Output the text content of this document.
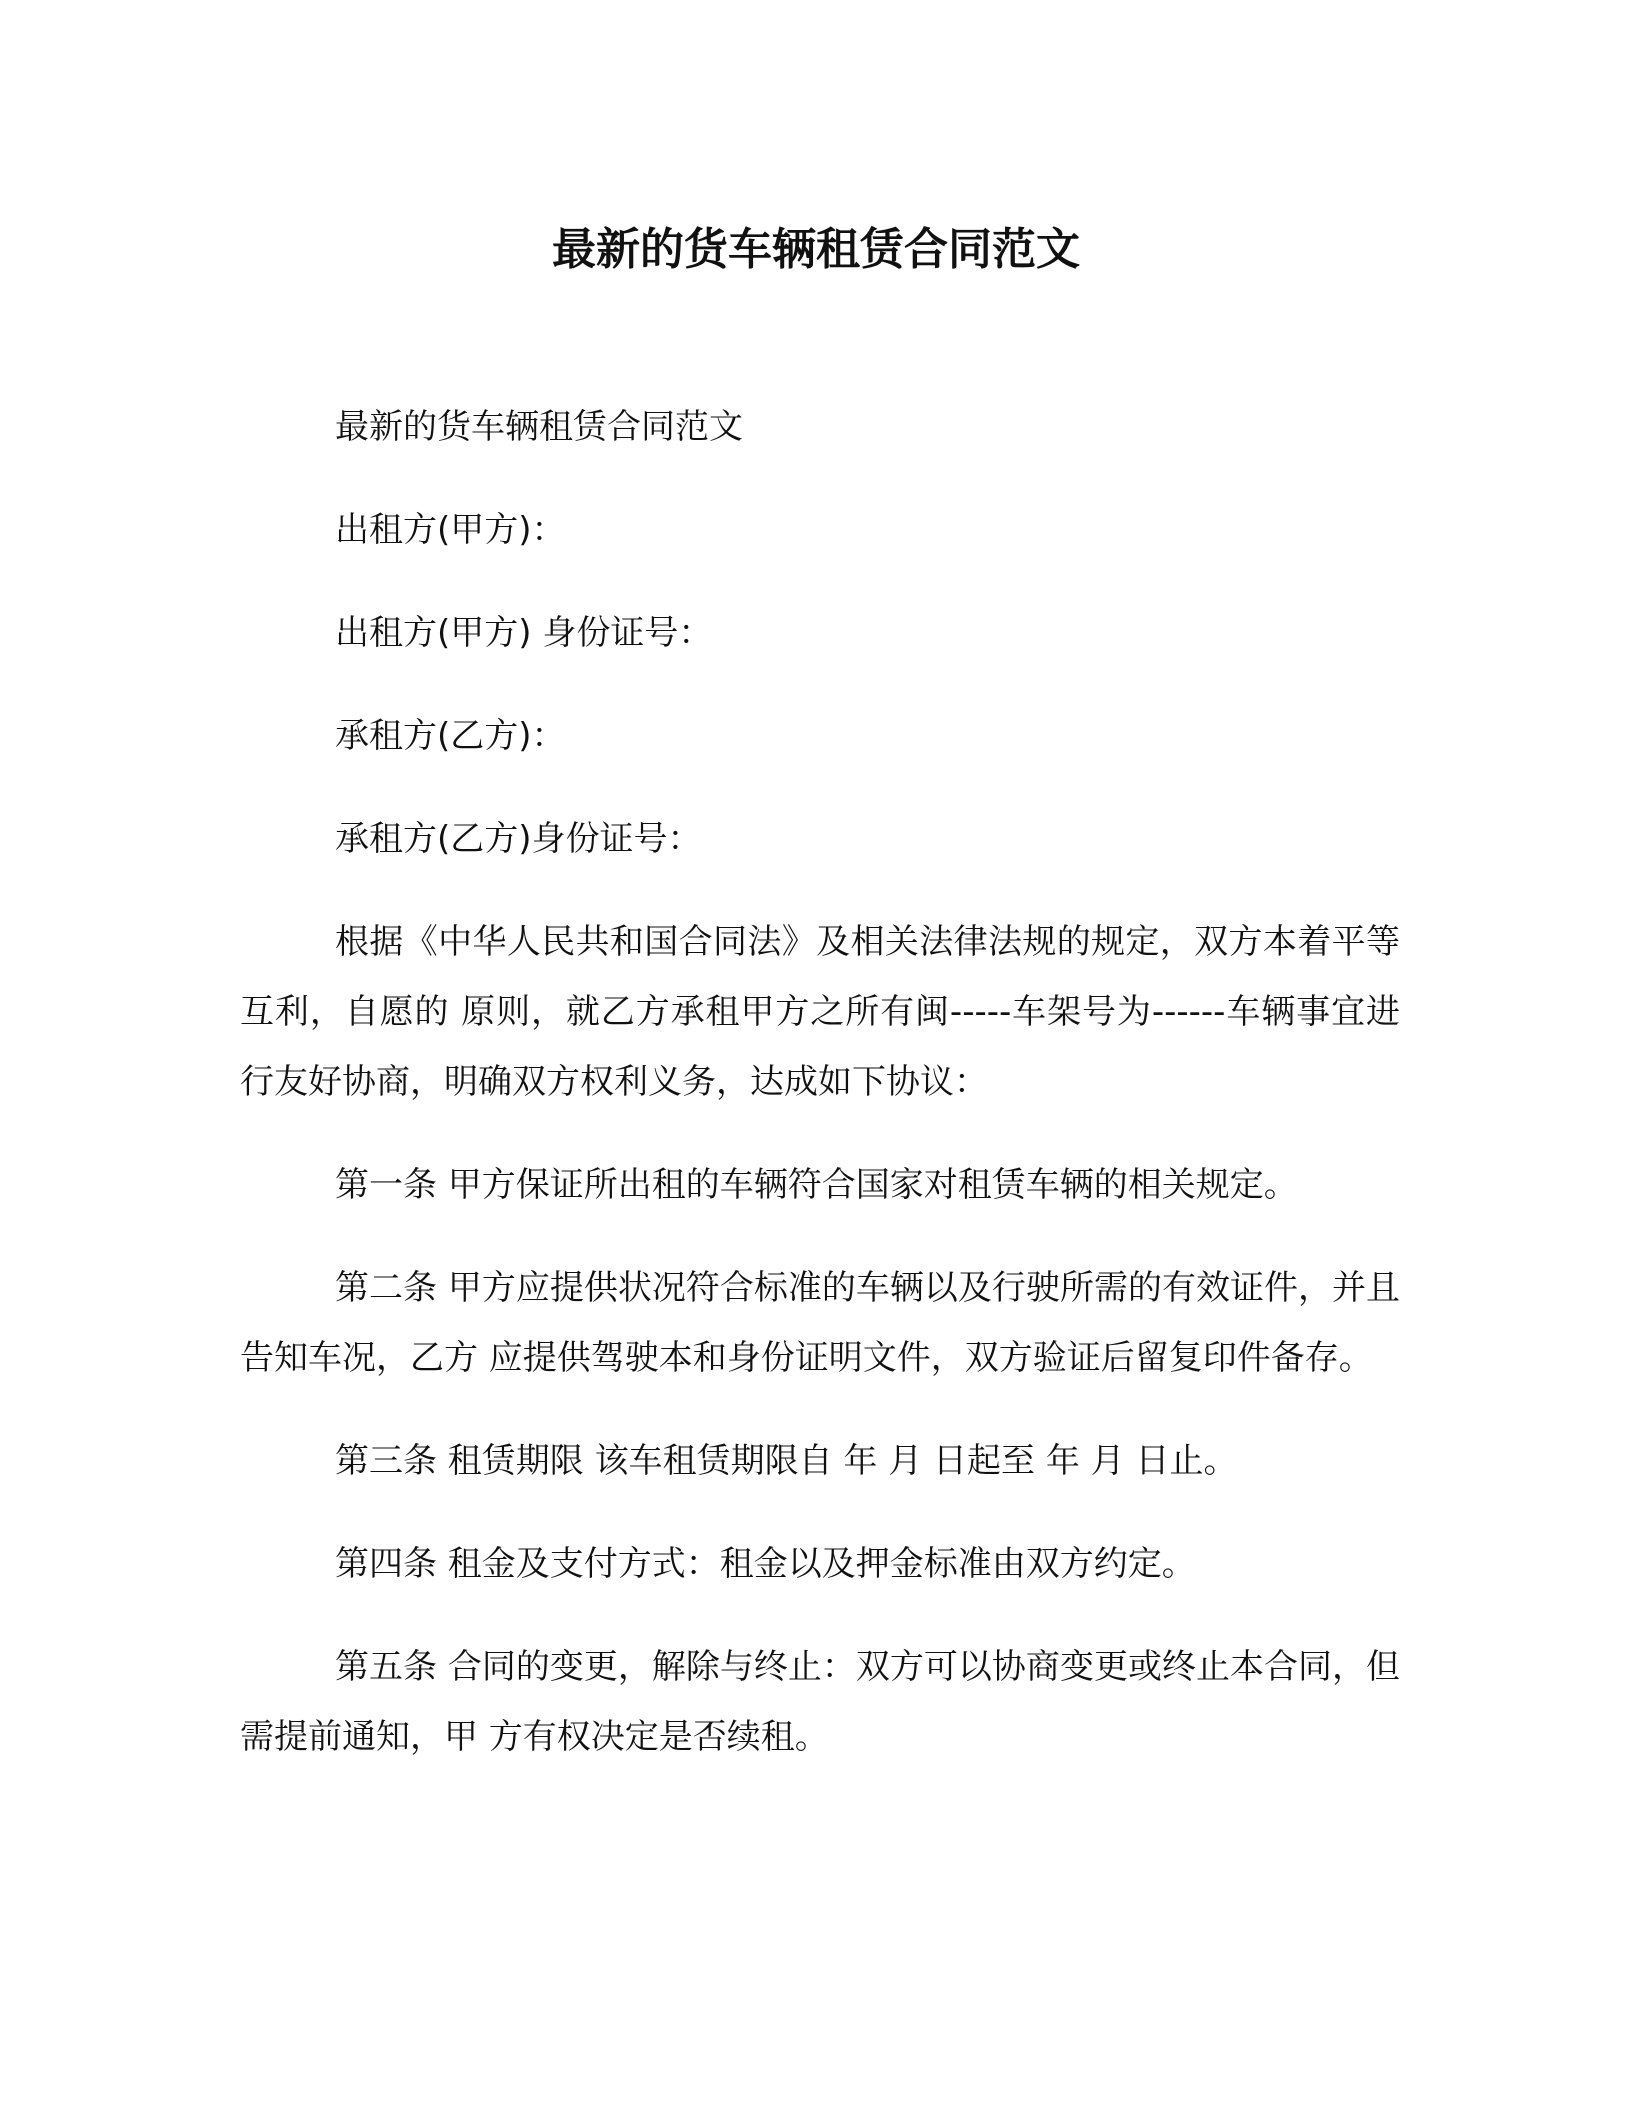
最新的货车辆租赁合同范文

最新的货车辆租赁合同范文

出租方(甲方)：

出租方(甲方) 身份证号：

承租方(乙方)：

承租方(乙方)身份证号：

根据《中华人民共和国合同法》及相关法律法规的规定，双方本着平等互利，自愿的 原则，就乙方承租甲方之所有闽-----车架号为------车辆事宜进行友好协商，明确双方权利义务，达成如下协议：

第一条 甲方保证所出租的车辆符合国家对租赁车辆的相关规定。

第二条 甲方应提供状况符合标准的车辆以及行驶所需的有效证件，并且告知车况，乙方 应提供驾驶本和身份证明文件，双方验证后留复印件备存。

第三条 租赁期限 该车租赁期限自 年 月 日起至 年 月 日止。

第四条 租金及支付方式：租金以及押金标准由双方约定。

第五条 合同的变更，解除与终止：双方可以协商变更或终止本合同，但需提前通知，甲 方有权决定是否续租。
